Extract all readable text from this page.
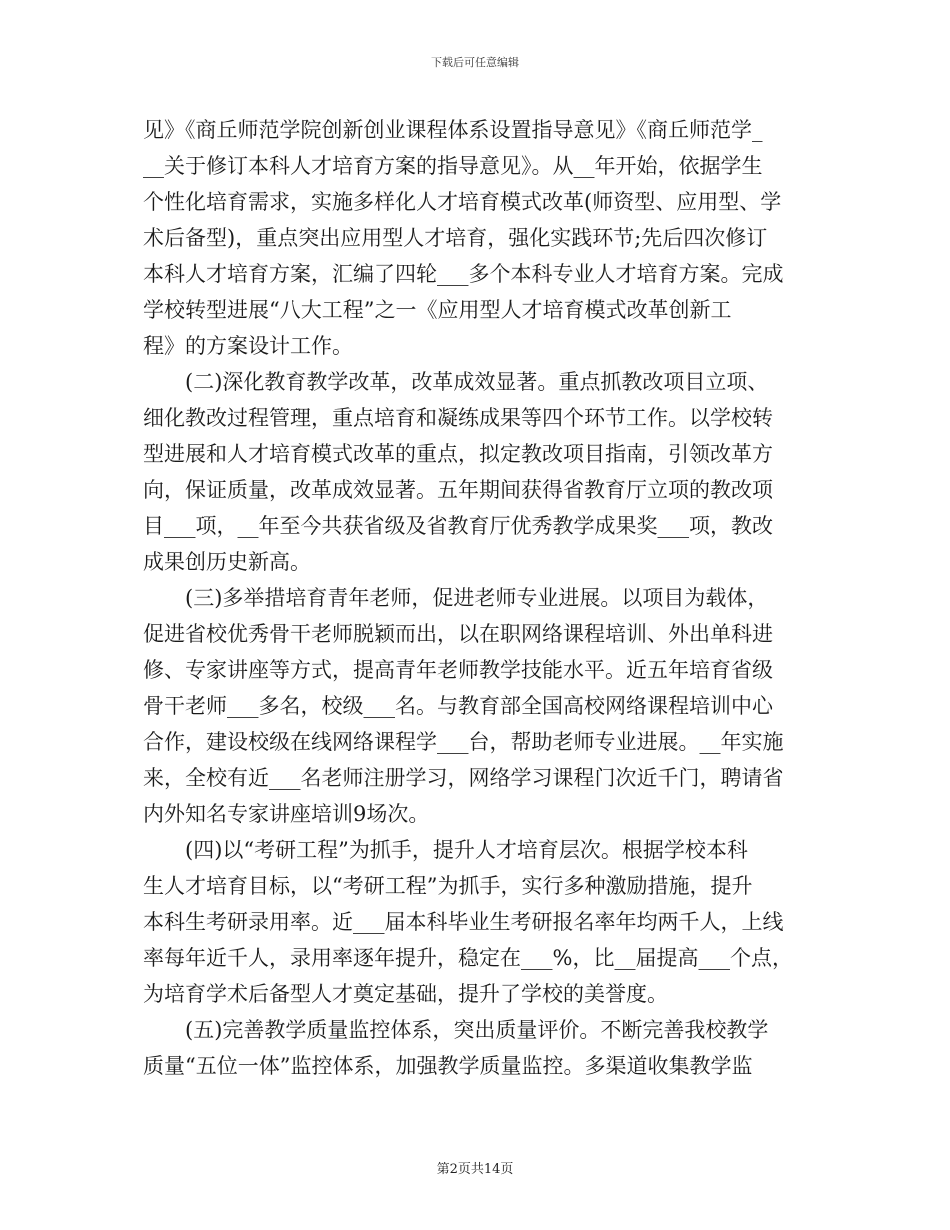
下载后可任意编辑
见》《商丘师范学院创新创业课程体系设置指导意见》《商丘师范学_
__关于修订本科人才培育方案的指导意见》。从__年开始，依据学生
个性化培育需求，实施多样化人才培育模式改革(师资型、应用型、学
术后备型)，重点突出应用型人才培育，强化实践环节;先后四次修订
本科人才培育方案，汇编了四轮___多个本科专业人才培育方案。完成
学校转型进展“八大工程”之一《应用型人才培育模式改革创新工
程》的方案设计工作。
(二)深化教育教学改革，改革成效显著。重点抓教改项目立项、
细化教改过程管理，重点培育和凝练成果等四个环节工作。以学校转
型进展和人才培育模式改革的重点，拟定教改项目指南，引领改革方
向，保证质量，改革成效显著。五年期间获得省教育厅立项的教改项
目___项，__年至今共获省级及省教育厅优秀教学成果奖___项，教改
成果创历史新高。
(三)多举措培育青年老师，促进老师专业进展。以项目为载体，
促进省校优秀骨干老师脱颖而出，以在职网络课程培训、外出单科进
修、专家讲座等方式，提高青年老师教学技能水平。近五年培育省级
骨干老师___多名，校级___名。与教育部全国高校网络课程培训中心
合作，建设校级在线网络课程学___台，帮助老师专业进展。__年实施
来，全校有近___名老师注册学习，网络学习课程门次近千门，聘请省
内外知名专家讲座培训9场次。
(四)以“考研工程”为抓手，提升人才培育层次。根据学校本科
生人才培育目标，以“考研工程”为抓手，实行多种激励措施，提升
本科生考研录用率。近___届本科毕业生考研报名率年均两千人，上线
率每年近千人，录用率逐年提升，稳定在___%，比__届提高___个点，
为培育学术后备型人才奠定基础，提升了学校的美誉度。
(五)完善教学质量监控体系，突出质量评价。不断完善我校教学
质量“五位一体”监控体系，加强教学质量监控。多渠道收集教学监
第2页共14页
